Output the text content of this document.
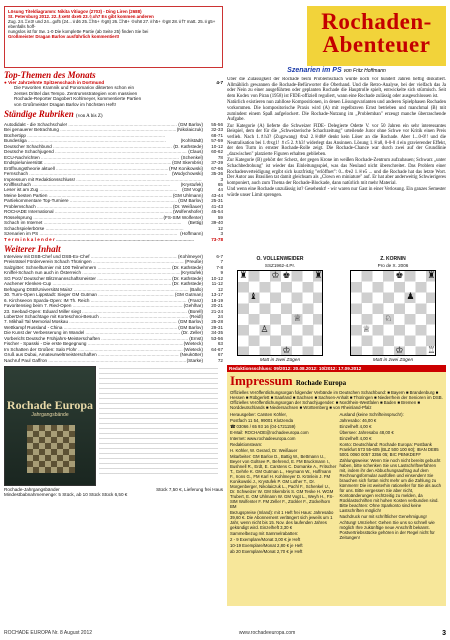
Lösung Titeldiagramm: Nikita Vitiugov (2703) - Ding Liren (2688)
St. Petersburg 2012. 22.♗xe5! dxe5 23.♘xh7 Es gibt kommen anderen
Zug. 24.♖e3! und 24...gxf5 (24...♕d6 25.♖h5+ ♔g8) 26.♖h8+ ♔xh8 27.♕h5+ ♔g8 28.♕f7 matt. 25.♕g5+ ebenfalls hoff-
nungslos ist für Sw. 1-0 Die komplette Partie (ab Seite 25) finden Sie bei
Großmeister Dragan Barlov ausführlich kommentiert!
Top-Themen des Monats
● Vier Jahrzehnte Spitzenschach in Dortmund	4-7
Die Favoriten Kramnik und Ponomariov dikterten schon ein
zentes Drittel das Tempo. Zentrumsstrategien vom massiven
Rochade-Reporter Dagobert Kohlmeyer, kommentierte Partien
von Großmeister Dragan Barlov im höchsten Heft!
Ständige Rubriken (von A bis Z)
Autodidakt - die Schachschule! .....	(GM Barlov)	55-56
Bei genauerer Betrachtung .....	(Nikolaiczuk)	32-33
Büchertipp .....	68-71
Bundesliga .....	(Kohlstädt)	57-59
Deutscher Schachbund .....	(D. Kathstede)	10-12
Deutsche Schachjugend .....	(Claus)	60-62
ECU-Nachrichten .....	(Schenkel)	78
Endspieluniversität .....	(GM Skembris)	37-39
Eröffnungstheorie aktuell .....	(FM Konikowski)	67-66
Fernschach .....	(Wodychowski)	35-36
Impressum mit Redaktionsschluss! .....	3
Knifflsschach .....	(Krystufek)	65
Leser ist am Zug .....	(GM Vogt)	44
Meine besten Partien .....	(GM Uhlmann)	43-44
Partiekommentare Top-Turniere .....	(GM Barlov)	25-31
Problemschach .....	(Dr. Weißauer)	41-43
ROCHADE International .....	(Wolfenshofer)	45-54
Rösselsprung .....	(FS-SIM Wolfenter)	59
Schach im Internet .....	(Bettig)	39-40
Schachspielerbörse .....	12
Szenarien im PS .....	(Hoffmann)	3
T e r m i n k a l e n d e r .....	73-78
Weiterer Inhalt
Interview mit DSB-Chef und DSB-Ex-Chef .....	(Kohlmeyer)	6-7
Preisrätsel Förderverein Schach Thüringen .....	(Preuße)	7
Salzgitter: Schnellturnier mit 100 Teilnehmern .....	(Dr. Kathstede)	7-8
Kniffel-Schach nun auch in Österreich .....	(Krystufek)	9
SG Porz/ Deutscher Blitzmannschaftsmeister .....	(Dr. Kathstede)	10-12
Aachener Klenkes-Cup .....	(Dr. Kathstede)	11-12
Befragung DSB/Universität Mainz .....	(Ballo)	12
30. Turm-Open Lippstadt: Sieger GM Gutman .....	(GM Gutman)	13-17
6. Kirchseeon Sparda-Open: IM Th. Reich .....	(Franz)	18-19
Favoritensieg beim 7. Ried-Open .....	(Gehlhar)	20-21
23. Seebad-Open: Eduard Miller siegt .....	(Borell)	21-24
Lübertzer Schachtage mit Korteschnoi-Besuch .....	(Reidl)	24
7. Mikhail Tal Memorial Moskau .....	(GM Barlov)	25-28
Wettkampf Russland - China .....	(GM Barlov)	29-31
Die Kunst der Verbesserung im Wandel .....	(Dr. Zeller)	34-35
Vorbericht Deutsche Frühjahrs-Meisterschaften .....	(Ernst)	53-56
Fischer - Spasski - Die erste Begegnung .....	(Wieteck)	63
Im Schatten der Großen: Salo Flohr .....	(Wieteck)	64-67
Gruß aus Dubai, Amateurweltmeisterschaften .....	(Neukötter)	67
Nachruf Paul Gaffron .....	(Starke)	72
Rochade Europa
Jahrgangsbände
Rochade-Jahrgangsbänder	Stück 7,50 €, Lieferung frei Haus
Mindestbabnahmemenge: 5 Stück, ab 10 Stück Stück 6,50 €
Rochaden-
Abenteuer
Szenarien im PS von Fritz Hoffmann

Über die Zulässigkeit der Rochade beim Problemschach wurde noch vor hundert Jahren heftig diskutiert. Allmählich gewannen die Rochade-Befürworter die Oberhand. Und die Retro-Analyse, bei der vielfach das Ja oder Nein zu einer ausgeführten oder geplanten Rochade die Hauptrolle spielt, entwickelte sich stürmisch. Seit dem Kodex von Piran (1958) ist FIDE-offiziell reguliert, wann eine Rochade zulässig oder ausgeschlossen ist.

Natürlich existieren nun zahllose Kompositionen, in denen Lösungsvarianten und anderen Spielphasen Rochaden vorkommen. Die kompositorische Praxis wird (A) mit regelbraven Ernst betrieben und manchmal (B) mit zumindest einem Spaß aufgelockert. Die Rochade-Nutzung im „Problemban" erzeugt manche überraschende Aufgabe.

Zur Kategorie (A) lieferte die Schweizer FIDE- Delegierte Odette V. vor 50 Jahren ein sehr interessantes Beispiel, dem der für die „Schweizerische Schachzeitung" urteilende Juror ohne Schwe vor Kritik einen Preis verlieh. Nach 1.♗h3? (Zugzwang) ♔a2 2.♕d8# denkt kein Löser an die Rochade. Aber 1...0-0!! und die Neutralisation bei 1.♔xg1! ♗c5 2.♗h3! widerlegt das Ansinnen. Lösung 1.♕a8, 0-0-0 4 ein gravierender Effekt, der den Turm in ernster Rochade-Rolle zeigt. Die Rochade-Chance war durch zwei auf der Grundlinie „dazwischen" platzierte Figuren erhalten geblieben.

Zur Kategorie (B) gehört der Scherz, der gegen Krone im weißen Rochade-Zentrum aufzubauen; Schwarz „unter Schachbedrohung" ist wieder das Einleitungsspiel, was das Neuland nicht überschreitet. Das Problem einer Rochadenverteidigung ergibt sich kurzfristig "erlöffnet": 0...♔e2 1.♕e5 ... und die Rochade hat das letzte Wort. Der Autor aus Brasilien tat damit gleichsam als „Clown en miniature" auf. Er hat aber anderweitig Schwierigeres komponiert, auch zum Thema der Rochade-Blockade, dann natürlich mit mehr Material.

Und wenn eine Rochade unzulässig ist? Gesehenkt! - wir waren nur Gast in einer Verlosung. Ein ganzes Semester würde unser Limit sprengen.

O. VOLLENWEIDER
SSZ1962-4.Pr.
♔
♜	♜
♚
♝
♕
♙
♔
Matt in zwei Zügen
Z. KORNIN
Pro de X. 2006
♚	♜
♟
♘
♕
♔	♖
Matt in zwei Zügen
Redaktionsschluss: 09/2012: 20.08.2012: 10/2012: 17.09.2012
Impressum Rochade Europa
Offizielles Veröffentlichungsorgan folgender Verbände im Deutschen Schachbund: ■ Bayern ■ Brandenburg ■ Hessen ■ Rübgerlett ■ Saarland ■ Sachsen ■ Sachsen-Anhalt ■ Thüringen ■ Niederrhein der Senioren im DSB. Offizielles Veröffentlichungsorgan der Schachjugender: ■ Nordrhein-Westfalen ■ Baden ■ Bremen ■ Norddeutschlands ■ Niedersachsen ■ Württemberg ■ von Rheinland-Pfalz
Herausgeber: Carsten Köhler,
Postfach 11 54, 99001 Klotzenda
☎ 03066 / 65 93 16 (04-1721159)
E-Mail: ROCHADE@rochadeeuropa.com
Internet: www.rochadeeuropa.com
Redaktionsteam:
H. Köhler, W. Gerard, Dr. Weißauer
Mitarbeiter: GM Barlov D., Battig W., Bettmann U., Beyer von Goltsee P., Behrend, E. FM Bruckmann I., Bushnell R., Erdt, E. Carstens C. Domanke A., Fritscher T., Gehrle K. GM Gutman L., Heymann W., Hoffmann F., Irons G., FM Karl H. Kohlmeyer D. Krönlein J. FM Konikowski J., Krystufek P. GM Lother T., Dr. Morgenberger, Nikolaiczuk L., Pachl F., Schenkel U., Dr. Schweizer W. GM Skembris S. GM Teske H. WGM Trubert, E. GM Uhlmann W. GM Vogt L., Weyh H., FS-SIM Wolfenter F. FM Zeller F., Zückler F., Zückelhorn BM
Bezugspreise (Inland): mit 1 Heft frei Haus: Jahresabo 39,60 €. Die Abonnement verlängert sich jeweils um 1 Jahr, wenn nicht bis 15. Nov. des laufenden Jahres gekündigt wird. Einzelheft 3,30 €
Sammelbezug mit Sammelrabatten:
2 - 9 Exemplare/Monat 3,00 € je Heft
10-19 Exemplare/Monat 2,80 € je Heft
ab 20 Exemplare/Monat 2,70 € je Heft
Ausland (keine Schrifteinspruch!):
Jahresabo: 46,00 €
Einzelheft 4,00 €
Übersee: Jahresabo 48,00 €
Einzelheft 4,00 €
Konto: Deutschland: Rochade Europa: Postbank Frankfurt 573 55-605 (BLZ 500 100 60); IBAN DE85 5001 0060 0057 3356 05; BIC PBNKDEFF
Zahlungsweise: Wenn Sie noch nicht bereits gebucht haben, bitte schenken Sie uns Lastschriftverfahren mit, indem ihr den Abbuchungsauftrag auf dem Rechnungsformular ausfüllen und einsenden! Sie brauchen sich fortan nicht mehr um die Zahlung zu kümmern! Die ist weiterhin rationeller für Sie als auch für uns. Bitte vergessen Sie aber nicht, Kontoänderungen rechtzeitig zu melden, da Rücklastschriften mit hohen Kosten verbunden sind. Bitte beachten: Ohne Sparkonto sind keine Lastschriften möglich!
Nachdruck nur mit schriftlicher Genehmigung!
Achtung! Umzieher: Gehen Sie uns so schnell wie möglich Ihre zukünftige neue Anschrift bekannt. Postvertriebsstücke gehören in der Regel nicht für Zeitungen!
ROCHADE EUROPA Nr. 8 August 2012	www.rochadeeuropa.com	3
